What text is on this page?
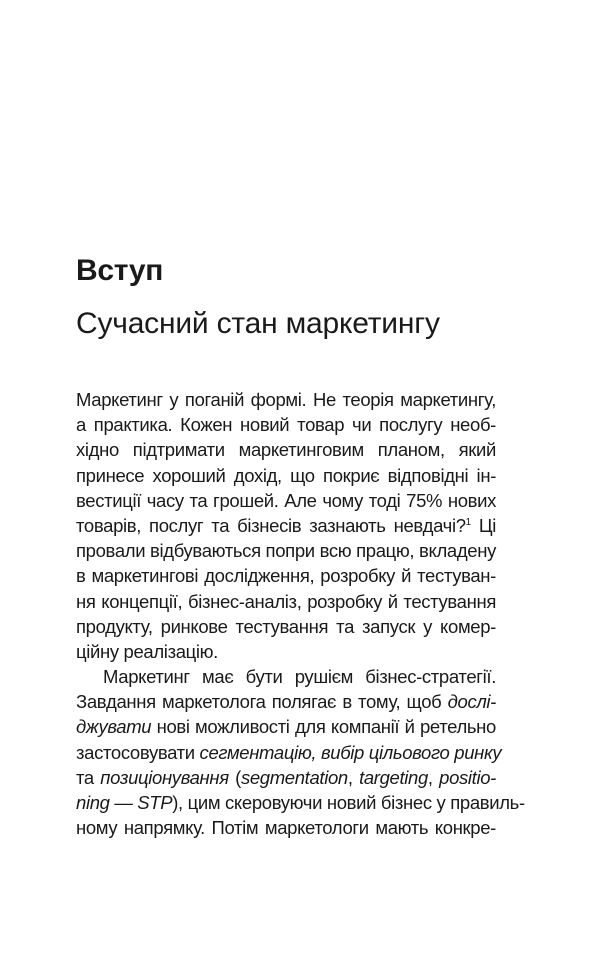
Вступ
Сучасний стан маркетингу
Маркетинг у поганій формі. Не теорія маркетингу,
а практика. Кожен новий товар чи послугу необ-
хідно підтримати маркетинговим планом, який
принесе хороший дохід, що покриє відповідні ін-
вестиції часу та грошей. Але чому тоді 75% нових
товарів, послуг та бізнесів зазнають невдачі?$^1$ Ці
провали відбуваються попри всю працю, вкладену
в маркетингові дослідження, розробку й тестуван-
ня концепції, бізнес-аналіз, розробку й тестування
продукту, ринкове тестування та запуск у комер-
ційну реалізацію.
Маркетинг має бути рушієм бізнес-стратегії.
Завдання маркетолога полягає в тому, щоб дослі-
джувати нові можливості для компанії й ретельно
застосовувати сегментацію, вибір цільового ринку
та позиціонування (segmentation, targeting, positio-
ning — STP), цим скеровуючи новий бізнес у правиль-
ному напрямку. Потім маркетологи мають конкре-
